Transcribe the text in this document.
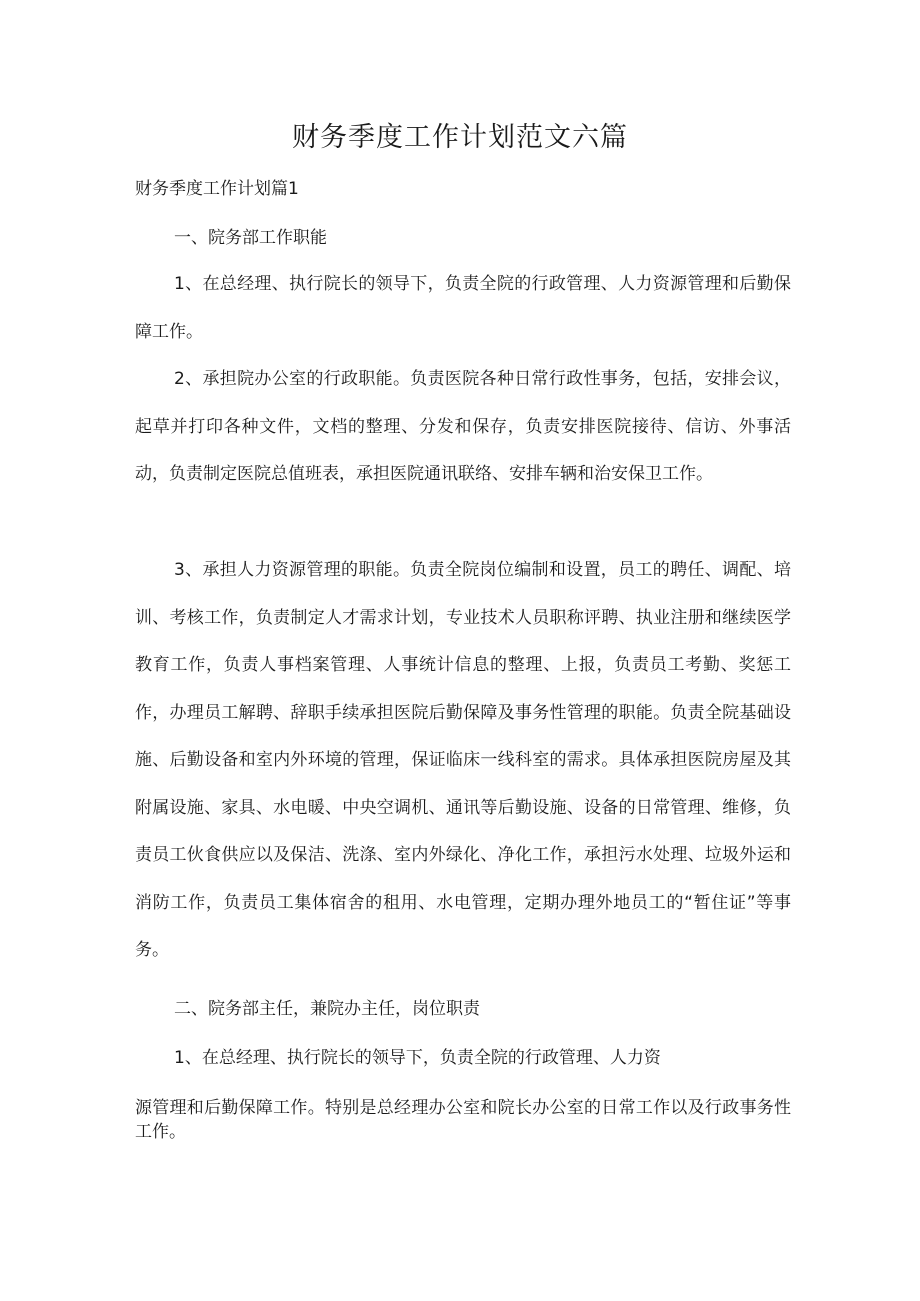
财务季度工作计划范文六篇
财务季度工作计划篇1
一、院务部工作职能
1、在总经理、执行院长的领导下，负责全院的行政管理、人力资源管理和后勤保障工作。
2、承担院办公室的行政职能。负责医院各种日常行政性事务，包括，安排会议，起草并打印各种文件，文档的整理、分发和保存，负责安排医院接待、信访、外事活动，负责制定医院总值班表，承担医院通讯联络、安排车辆和治安保卫工作。
3、承担人力资源管理的职能。负责全院岗位编制和设置，员工的聘任、调配、培训、考核工作，负责制定人才需求计划，专业技术人员职称评聘、执业注册和继续医学教育工作，负责人事档案管理、人事统计信息的整理、上报，负责员工考勤、奖惩工作，办理员工解聘、辞职手续承担医院后勤保障及事务性管理的职能。负责全院基础设施、后勤设备和室内外环境的管理，保证临床一线科室的需求。具体承担医院房屋及其附属设施、家具、水电暖、中央空调机、通讯等后勤设施、设备的日常管理、维修，负责员工伙食供应以及保洁、洗涤、室内外绿化、净化工作，承担污水处理、垃圾外运和消防工作，负责员工集体宿舍的租用、水电管理，定期办理外地员工的“暂住证”等事务。
二、院务部主任，兼院办主任，岗位职责
1、在总经理、执行院长的领导下，负责全院的行政管理、人力资
源管理和后勤保障工作。特别是总经理办公室和院长办公室的日常工作以及行政事务性工作。
